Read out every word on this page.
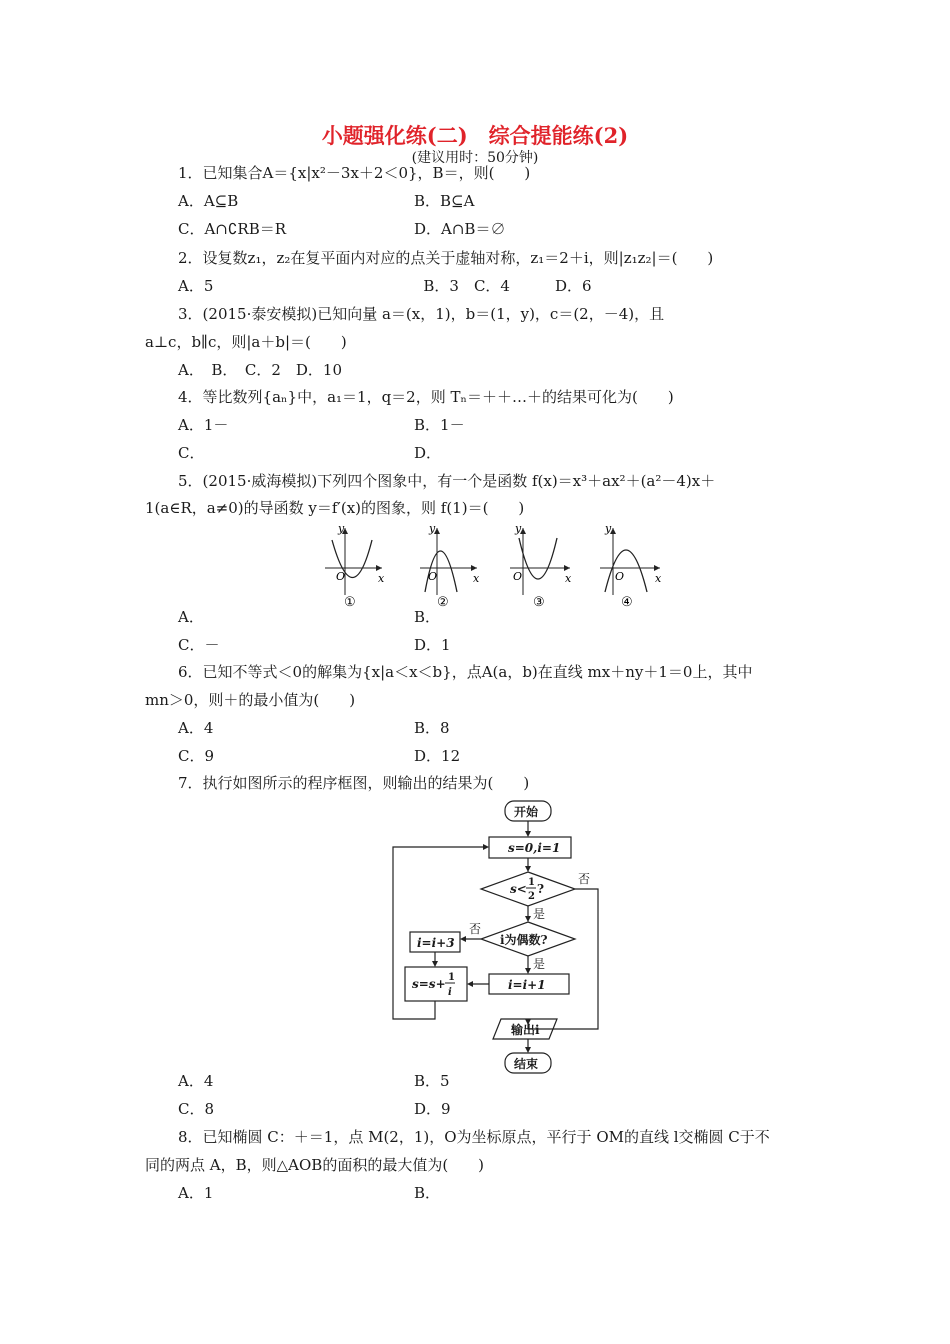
小题强化练(二)　综合提能练(2)
(建议用时：50分钟)
1．已知集合A＝{x|x²－3x＋2＜0}，B＝，则(　　)
A．A⊆B	B．B⊆A
C．A∩∁RB＝R	D．A∩B＝∅
2．设复数z₁，z₂在复平面内对应的点关于虚轴对称，z₁＝2＋i，则|z₁z₂|＝(　　)
A．5　　　　　　　　　　　　　　B．3　C．4　　　D．6
3．(2015·泰安模拟)已知向量 a＝(x，1)，b＝(1，y)，c＝(2，－4)，且
a⊥c，b∥c，则|a＋b|＝(　　)
A．　B．　C．2　D．10
4．等比数列{aₙ}中，a₁＝1，q＝2，则 Tₙ＝＋＋…＋的结果可化为(　　)
A．1－	B．1－
C．	D．
5．(2015·威海模拟)下列四个图象中，有一个是函数 f(x)＝x³＋ax²＋(a²－4)x＋
1(a∈R，a≠0)的导函数 y＝f′(x)的图象，则 f(1)＝(　　)
y
x
O
①
y
x
O
②
y
x
O
③
y
x
O
④
A．	B．
C．－	D．1
6．已知不等式＜0的解集为{x|a＜x＜b}，点A(a，b)在直线 mx＋ny＋1＝0上，其中
mn＞0，则＋的最小值为(　　)
A．4	B．8
C．9	D．12
7．执行如图所示的程序框图，则输出的结果为(　　)
开始
s=0,i=1
s< 1
2
?
否
是
i为偶数?
否
是
i=i+3
s=s+ 1
i
i=i+1
输出i
结束
A．4	B．5
C．8	D．9
8．已知椭圆 C：＋＝1，点 M(2，1)，O为坐标原点，平行于 OM的直线 l交椭圆 C于不
同的两点 A，B，则△AOB的面积的最大值为(　　)
A．1	B．
